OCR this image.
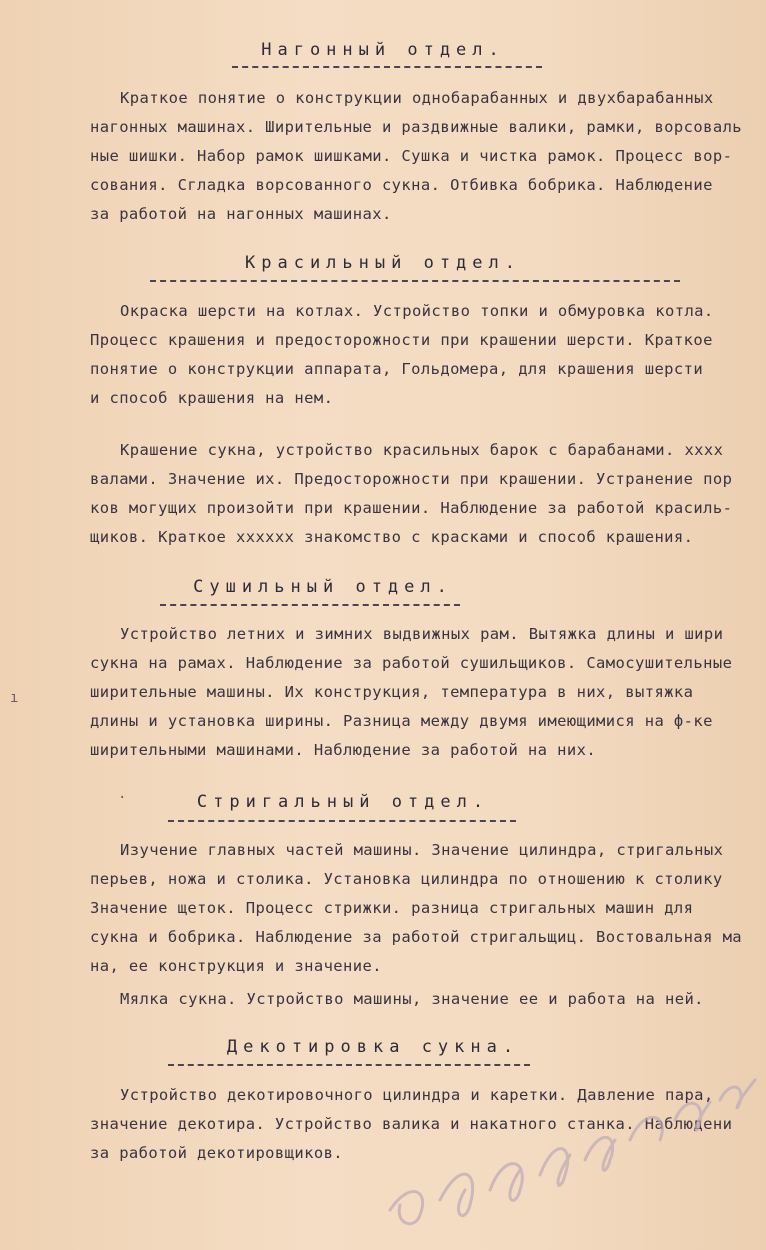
Нагонный отдел.
Краткое понятие о конструкции однобарабанных и двухбарабанных
нагонных машинах. Ширительные и раздвижные валики, рамки, ворсоваль
ные шишки. Набор рамок шишками. Сушка и чистка рамок. Процесс вор-
сования. Сгладка ворсованного сукна. Отбивка бобрика. Наблюдение
за работой на нагонных машинах.
Красильный отдел.
Окраска шерсти на котлах. Устройство топки и обмуровка котла.
Процесс крашения и предосторожности при крашении шерсти. Краткое
понятие о конструкции аппарата, Гольдомера, для крашения шерсти
и способ крашения на нем.
Крашение сукна, устройство красильных барок с барабанами. хххх
валами. Значение их. Предосторожности при крашении. Устранение пор
ков могущих произойти при крашении. Наблюдение за работой красиль-
щиков. Краткое хххххх знакомство с красками и способ крашения.
Сушильный отдел.
Устройство летних и зимних выдвижных рам. Вытяжка длины и шири
сукна на рамах. Наблюдение за работой сушильщиков. Самосушительные
ширительные машины. Их конструкция, температура в них, вытяжка
длины и установка ширины. Разница между двумя имеющимися на ф-ке
ширительными машинами. Наблюдение за работой на них.
Стригальный отдел.
Изучение главных частей машины. Значение цилиндра, стригальных
перьев, ножа и столика. Установка цилиндра по отношению к столику
Значение щеток. Процесс стрижки. разница стригальных машин для
сукна и бобрика. Наблюдение за работой стригальщиц. Востовальная ма
на, ее конструкция и значение.
Мялка сукна. Устройство машины, значение ее и работа на ней.
Декотировка сукна.
Устройство декотировочного цилиндра и каретки. Давление пара,
значение декотира. Устройство валика и накатного станка. Наблюдени
за работой декотировщиков.
ı
·
